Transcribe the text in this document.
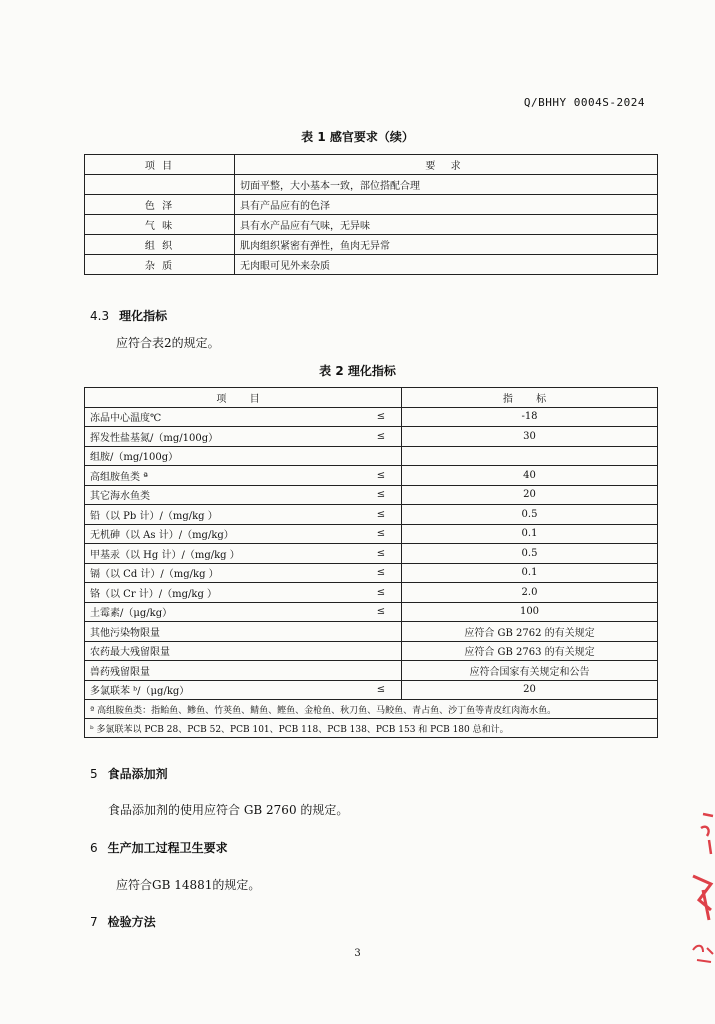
Q/BHHY 0004S-2024
表 1 感官要求（续）
项 目	要 求
	切面平整，大小基本一致，部位搭配合理
色 泽	具有产品应有的色泽
气 味	具有水产品应有气味，无异味
组 织	肌肉组织紧密有弹性，鱼肉无异常
杂 质	无肉眼可见外来杂质
4.3 理化指标
应符合表2的规定。
表 2 理化指标
项 目		指 标
冻品中心温度℃	≤	-18
挥发性盐基氮/（mg/100g）	≤	30
组胺/（mg/100g）		
高组胺鱼类 ª	≤	40
其它海水鱼类	≤	20
铅（以 Pb 计）/（mg/kg ）	≤	0.5
无机砷（以 As 计）/（mg/kg）	≤	0.1
甲基汞（以 Hg 计）/（mg/kg ）	≤	0.5
镉（以 Cd 计）/（mg/kg ）	≤	0.1
铬（以 Cr 计）/（mg/kg ）	≤	2.0
土霉素/（μg/kg）	≤	100
其他污染物限量		应符合 GB 2762 的有关规定
农药最大残留限量		应符合 GB 2763 的有关规定
兽药残留限量		应符合国家有关规定和公告
多氯联苯 ᵇ/（μg/kg）	≤	20
ª 高组胺鱼类：指鲐鱼、鲹鱼、竹荚鱼、鲭鱼、鲣鱼、金枪鱼、秋刀鱼、马鲛鱼、青占鱼、沙丁鱼等青皮红肉海水鱼。		
ᵇ 多氯联苯以 PCB 28、PCB 52、PCB 101、PCB 118、PCB 138、PCB 153 和 PCB 180 总和计。		
5 食品添加剂
食品添加剂的使用应符合 GB 2760 的规定。
6 生产加工过程卫生要求
应符合GB 14881的规定。
7 检验方法
3
